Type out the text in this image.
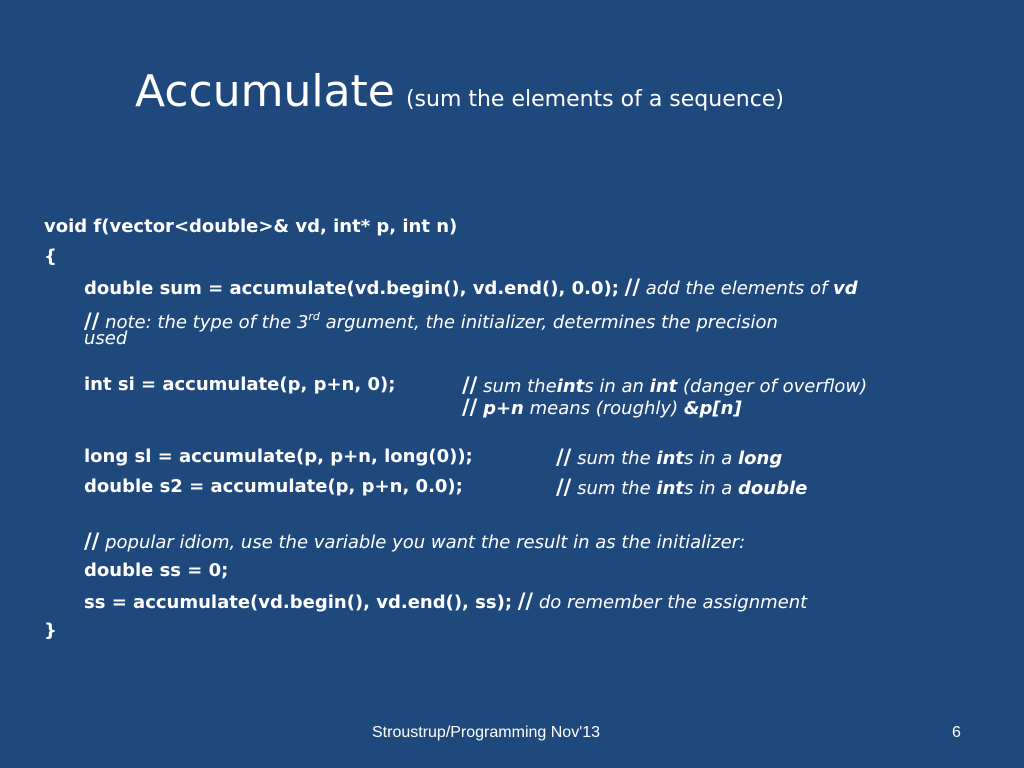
Accumulate (sum the elements of a sequence)
void f(vector<double>& vd, int* p, int n)
{
double sum = accumulate(vd.begin(), vd.end(), 0.0); // add the elements of vd
// note: the type of the 3rd argument, the initializer, determines the precision
used
int si = accumulate(p, p+n, 0);	// sum theints in an int (danger of overflow)
// p+n means (roughly) &p[n]
long sl = accumulate(p, p+n, long(0));	// sum the ints in a long
double s2 = accumulate(p, p+n, 0.0);	// sum the ints in a double
// popular idiom, use the variable you want the result in as the initializer:
double ss = 0;
ss = accumulate(vd.begin(), vd.end(), ss); // do remember the assignment
}
Stroustrup/Programming Nov'13	6
